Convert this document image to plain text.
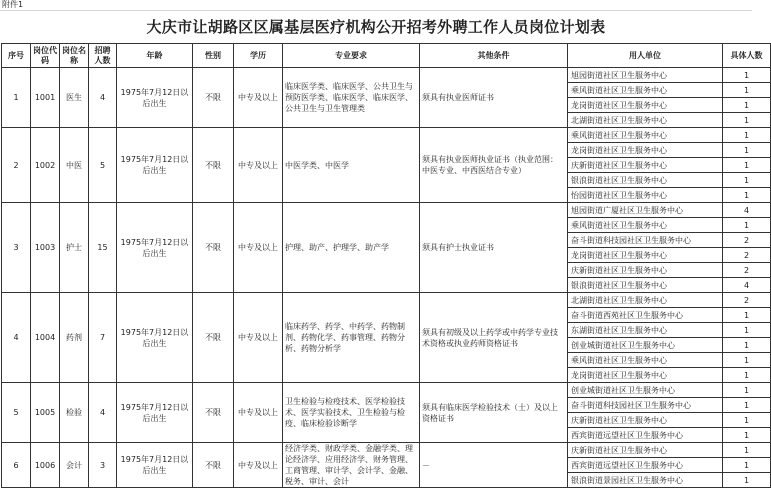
附件1
大庆市让胡路区区属基层医疗机构公开招考外聘工作人员岗位计划表
序号	岗位代码	岗位名称	招聘人数	年龄	性别	学历	专业要求	其他条件	用人单位	具体人数
1	1001	医生	4	1975年7月12日以后出生	不限	中专及以上	临床医学类、临床医学、公共卫生与预防医学类、临床医学、临床医学、公共卫生与卫生管理类	须具有执业医师证书	旭园街道社区卫生服务中心	1
									乘风街道社区卫生服务中心	1
									龙岗街道社区卫生服务中心	1
									北湖街道社区卫生服务中心	1
2	1002	中医	5	1975年7月12日以后出生	不限	中专及以上	中医学类、中医学	须具有执业医师执业证书（执业范围：中医专业、中西医结合专业）	乘风街道社区卫生服务中心	1
									龙岗街道社区卫生服务中心	1
									庆新街道社区卫生服务中心	1
									银浪街道社区卫生服务中心	1
									怡园街道社区卫生服务中心	1
3	1003	护士	15	1975年7月12日以后出生	不限	中专及以上	护理、助产、护理学、助产学	须具有护士执业证书	旭园街道广厦社区卫生服务中心	4
									乘风街道社区卫生服务中心	1
									奋斗街道科技园社区卫生服务中心	2
									龙岗街道社区卫生服务中心	2
									庆新街道社区卫生服务中心	2
									银浪街道社区卫生服务中心	4
4	1004	药剂	7	1975年7月12日以后出生	不限	中专及以上	临床药学、药学、中药学、药物制剂、药物化学、药事管理、药物分析、药物分析学	须具有初级及以上药学或中药学专业技术资格或执业药师资格证书	北湖街道社区卫生服务中心	2
									奋斗街道西苑社区卫生服务中心	1
									东湖街道社区卫生服务中心	1
									创业城街道社区卫生服务中心	1
									乘风街道社区卫生服务中心	1
									龙岗街道社区卫生服务中心	1
5	1005	检验	4	1975年7月12日以后出生	不限	中专及以上	卫生检验与检疫技术、医学检验技术、医学实验技术、卫生检验与检疫、临床检验诊断学	须具有临床医学检验技术（士）及以上资格证书	创业城街道社区卫生服务中心	1
									奋斗街道科技园社区卫生服务中心	1
									庆新街道社区卫生服务中心	1
									西宾街道远望社区卫生服务中心	1
6	1006	会计	3	1975年7月12日以后出生	不限	中专及以上	经济学类、财政学类、金融学类、理论经济学、应用经济学、财务管理、工商管理、审计学、会计学、金融、税务、审计、会计	－	庆新街道社区卫生服务中心	1
									西宾街道远望社区卫生服务中心	1
									银浪街道景园社区卫生服务中心	1
